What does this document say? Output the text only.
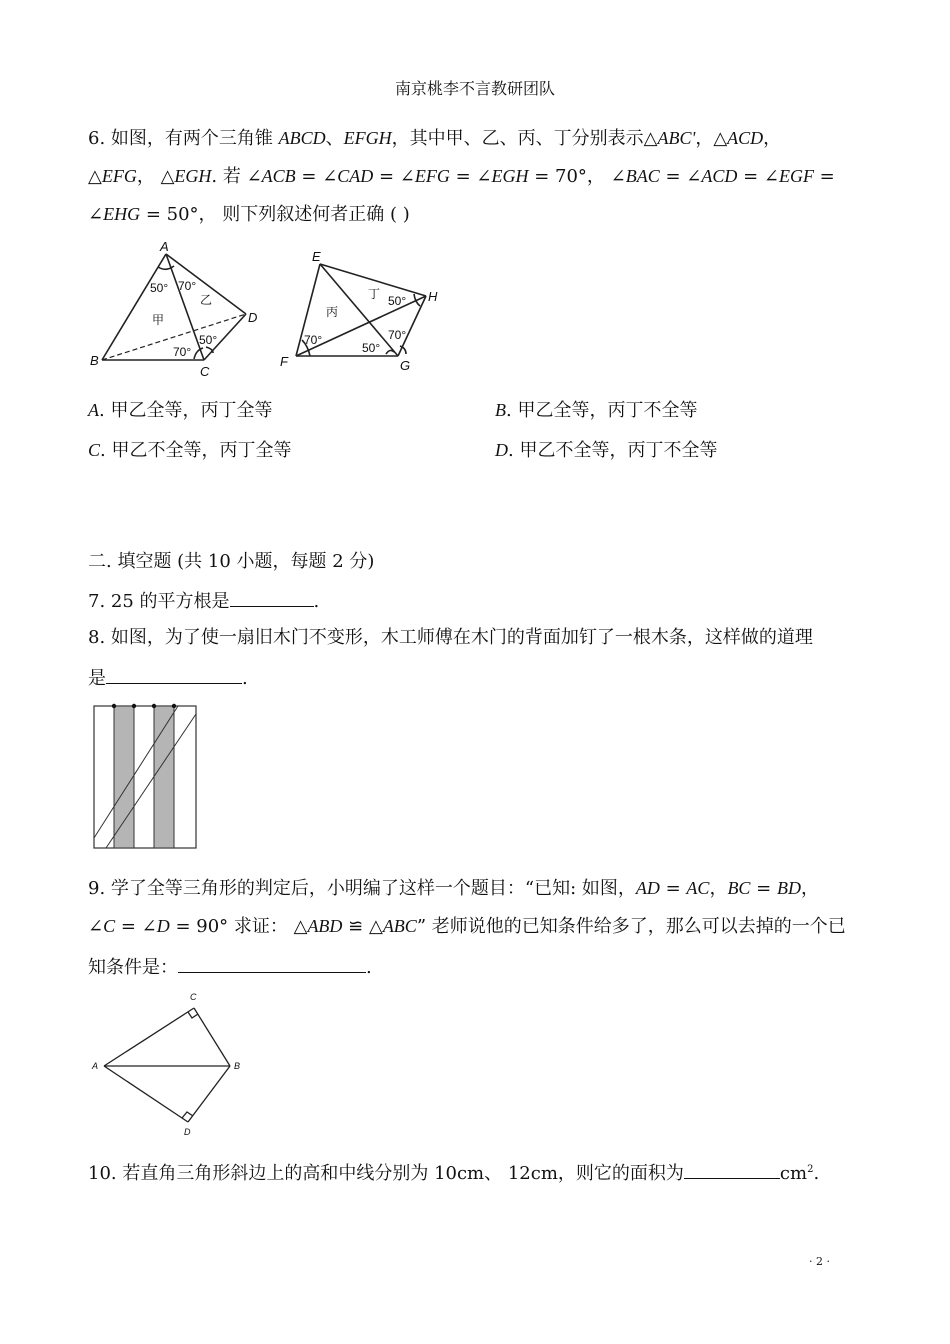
南京桃李不言教研团队
6. 如图，有两个三角锥 ABCD、EFGH，其中甲、乙、丙、丁分别表示△ABC'，△ACD，
△EFG， △EGH. 若 ∠ACB = ∠CAD = ∠EFG = ∠EGH = 70°， ∠BAC = ∠ACD = ∠EGF =
∠EHG = 50°， 则下列叙述何者正确 ( )
A
B
C
D
甲
乙
50° 70°
70°
50°
E
F	G
H
丙
丁 50°
70°
50°
70°
A. 甲乙全等，丙丁全等	B. 甲乙全等，丙丁不全等
C. 甲乙不全等，丙丁全等	D. 甲乙不全等，丙丁不全等
二. 填空题 (共 10 小题，每题 2 分)
7. 25 的平方根是	.
8. 如图，为了使一扇旧木门不变形，木工师傅在木门的背面加钉了一根木条，这样做的道理
是	.
9. 学了全等三角形的判定后，小明编了这样一个题目：“已知: 如图，AD = AC，BC = BD，
∠C = ∠D = 90° 求证： △ABD ≌ △ABC” 老师说他的已知条件给多了，那么可以去掉的一个已
知条件是：	.
C
A	B
D
10. 若直角三角形斜边上的高和中线分别为 10cm、 12cm，则它的面积为	$cm^2$.
· 2 ·
